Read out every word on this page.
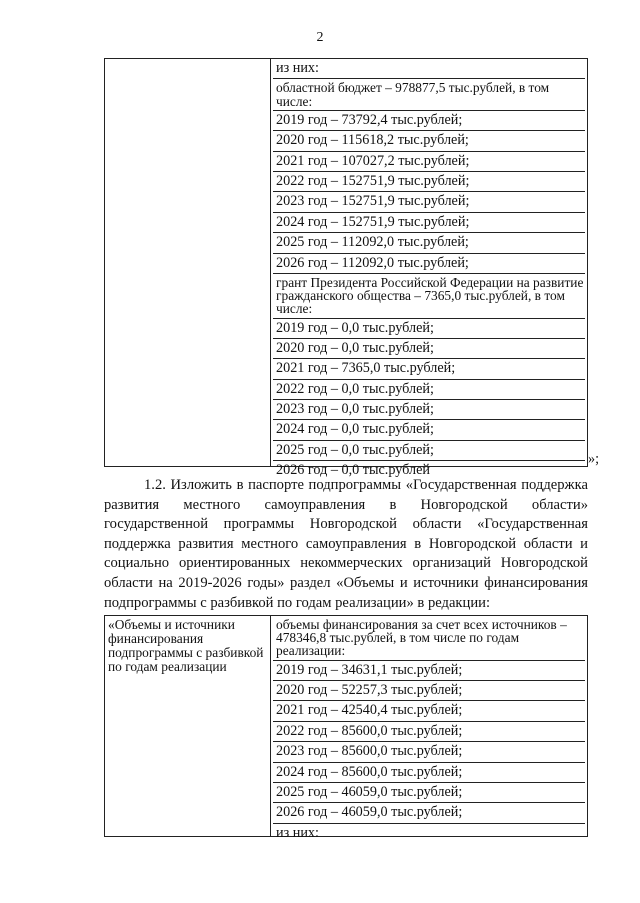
2
из них:
областной бюджет – 978877,5 тыс.рублей, в том числе:
2019 год – 73792,4 тыс.рублей;
2020 год – 115618,2 тыс.рублей;
2021 год – 107027,2 тыс.рублей;
2022 год – 152751,9 тыс.рублей;
2023 год – 152751,9 тыс.рублей;
2024 год – 152751,9 тыс.рублей;
2025 год – 112092,0 тыс.рублей;
2026 год – 112092,0 тыс.рублей;
грант Президента Российской Федерации на развитие гражданского общества – 7365,0 тыс.рублей, в том числе:
2019 год – 0,0 тыс.рублей;
2020 год – 0,0 тыс.рублей;
2021 год – 7365,0 тыс.рублей;
2022 год – 0,0 тыс.рублей;
2023 год – 0,0 тыс.рублей;
2024 год – 0,0 тыс.рублей;
2025 год – 0,0 тыс.рублей;
2026 год – 0,0 тыс.рублей
»;
1.2. Изложить в паспорте подпрограммы «Государственная поддержка развития местного самоуправления в Новгородской области» государственной программы Новгородской области «Государственная поддержка развития местного самоуправления в Новгородской области и социально ориентированных некоммерческих организаций Новгородской области на 2019-2026 годы» раздел «Объемы и источники финансирования подпрограммы с разбивкой по годам реализации» в редакции:
«Объемы и источники финансирования подпрограммы с разбивкой по годам реализации
объемы финансирования за счет всех источников – 478346,8 тыс.рублей, в том числе по годам реализации:
2019 год – 34631,1 тыс.рублей;
2020 год – 52257,3 тыс.рублей;
2021 год – 42540,4 тыс.рублей;
2022 год – 85600,0 тыс.рублей;
2023 год – 85600,0 тыс.рублей;
2024 год – 85600,0 тыс.рублей;
2025 год – 46059,0 тыс.рублей;
2026 год – 46059,0 тыс.рублей;
из них:
